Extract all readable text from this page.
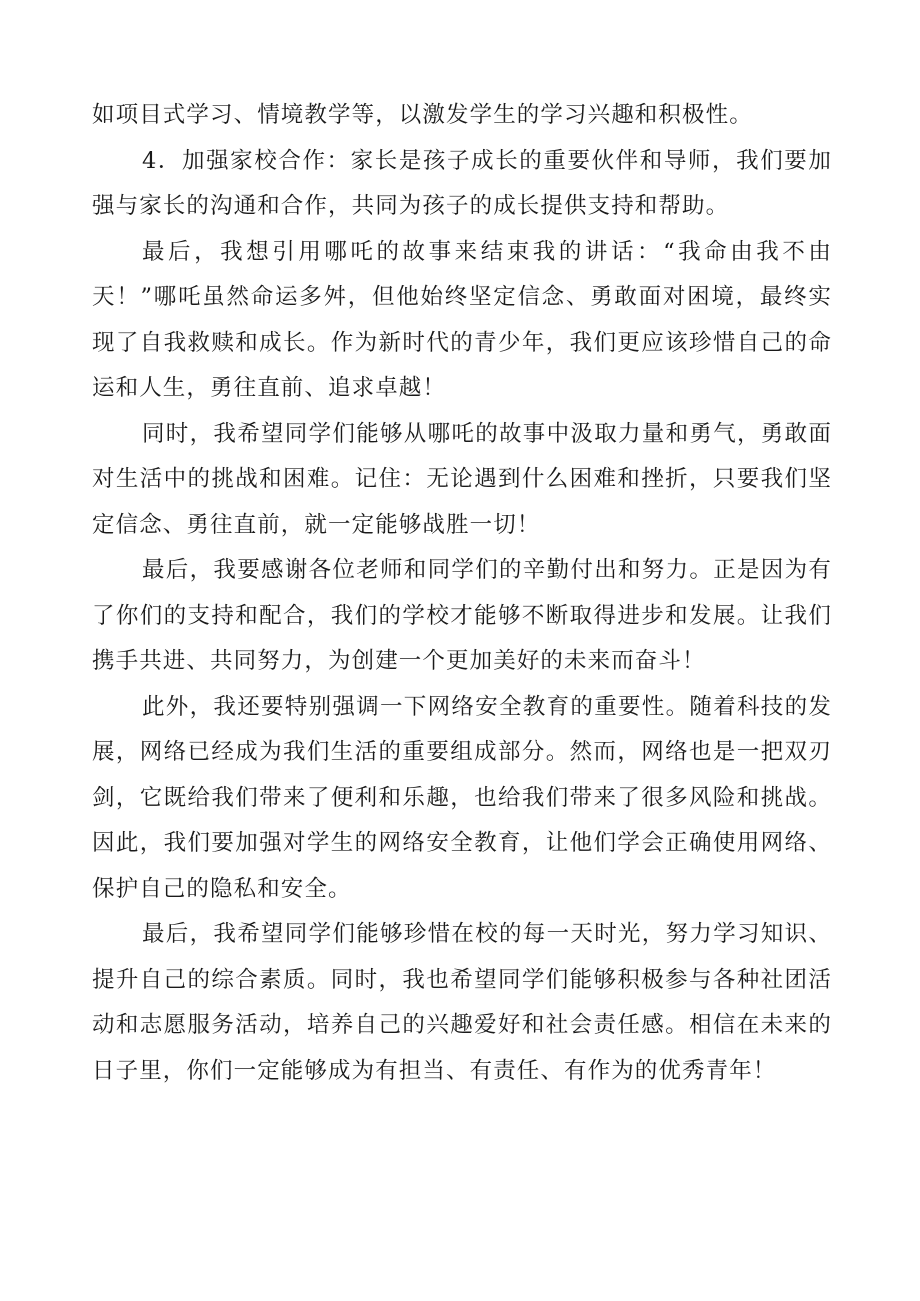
如项目式学习、情境教学等，以激发学生的学习兴趣和积极性。

4．加强家校合作：家长是孩子成长的重要伙伴和导师，我们要加强与家长的沟通和合作，共同为孩子的成长提供支持和帮助。

最后，我想引用哪吒的故事来结束我的讲话：“我命由我不由天！”哪吒虽然命运多舛，但他始终坚定信念、勇敢面对困境，最终实现了自我救赎和成长。作为新时代的青少年，我们更应该珍惜自己的命运和人生，勇往直前、追求卓越！

同时，我希望同学们能够从哪吒的故事中汲取力量和勇气，勇敢面对生活中的挑战和困难。记住：无论遇到什么困难和挫折，只要我们坚定信念、勇往直前，就一定能够战胜一切！

最后，我要感谢各位老师和同学们的辛勤付出和努力。正是因为有了你们的支持和配合，我们的学校才能够不断取得进步和发展。让我们携手共进、共同努力，为创建一个更加美好的未来而奋斗！

此外，我还要特别强调一下网络安全教育的重要性。随着科技的发展，网络已经成为我们生活的重要组成部分。然而，网络也是一把双刃剑，它既给我们带来了便利和乐趣，也给我们带来了很多风险和挑战。因此，我们要加强对学生的网络安全教育，让他们学会正确使用网络、保护自己的隐私和安全。

最后，我希望同学们能够珍惜在校的每一天时光，努力学习知识、提升自己的综合素质。同时，我也希望同学们能够积极参与各种社团活动和志愿服务活动，培养自己的兴趣爱好和社会责任感。相信在未来的日子里，你们一定能够成为有担当、有责任、有作为的优秀青年！
